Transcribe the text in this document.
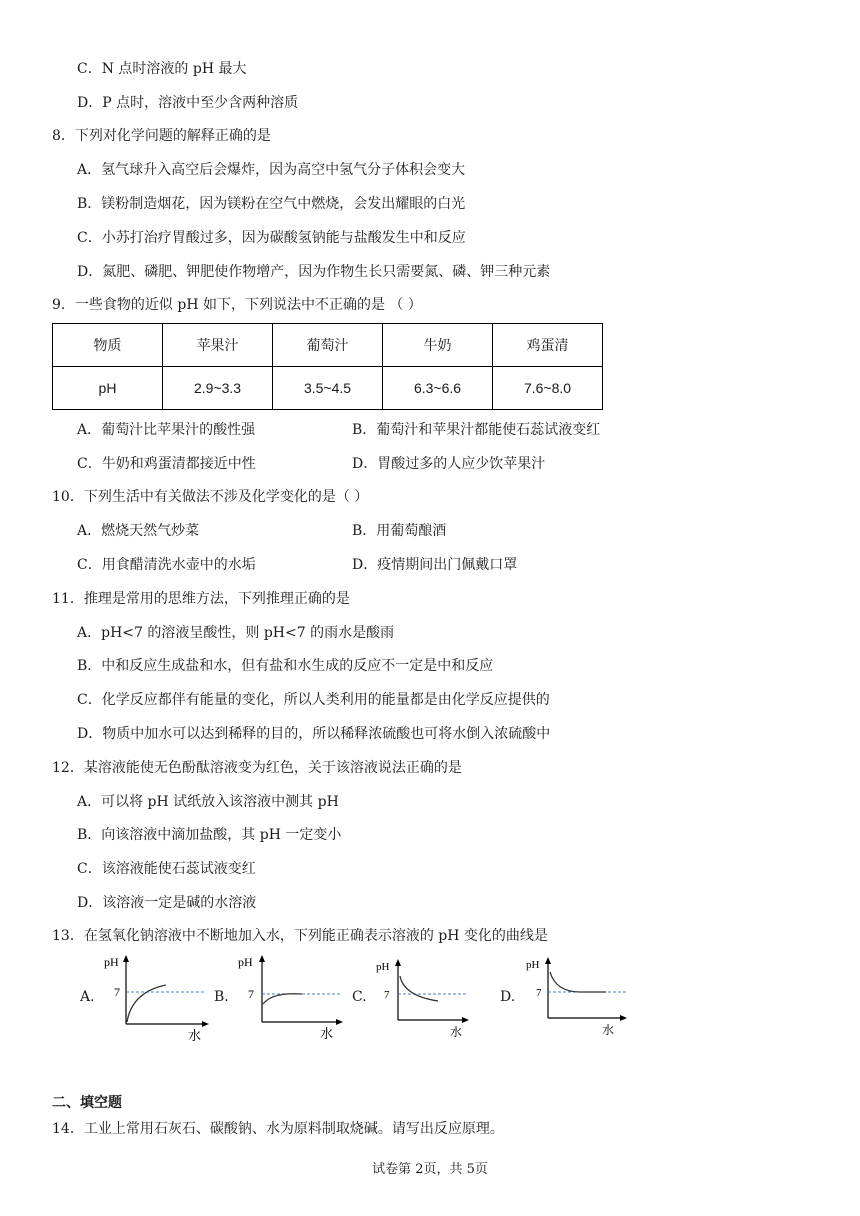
C．N 点时溶液的 pH 最大
D．P 点时，溶液中至少含两种溶质
8．下列对化学问题的解释正确的是
A．氢气球升入高空后会爆炸，因为高空中氢气分子体积会变大
B．镁粉制造烟花，因为镁粉在空气中燃烧，会发出耀眼的白光
C．小苏打治疗胃酸过多，因为碳酸氢钠能与盐酸发生中和反应
D．氮肥、磷肥、钾肥使作物增产，因为作物生长只需要氮、磷、钾三种元素
9．一些食物的近似 pH 如下，下列说法中不正确的是 （ ）
物质	苹果汁	葡萄汁	牛奶	鸡蛋清
pH	2.9~3.3	3.5~4.5	6.3~6.6	7.6~8.0
A．葡萄汁比苹果汁的酸性强	B．葡萄汁和苹果汁都能使石蕊试液变红
C．牛奶和鸡蛋清都接近中性	D．胃酸过多的人应少饮苹果汁
10．下列生活中有关做法不涉及化学变化的是（ ）
A．燃烧天然气炒菜	B．用葡萄酿酒
C．用食醋清洗水壶中的水垢	D．疫情期间出门佩戴口罩
11．推理是常用的思维方法，下列推理正确的是
A．pH<7 的溶液呈酸性，则 pH<7 的雨水是酸雨
B．中和反应生成盐和水，但有盐和水生成的反应不一定是中和反应
C．化学反应都伴有能量的变化，所以人类利用的能量都是由化学反应提供的
D．物质中加水可以达到稀释的目的，所以稀释浓硫酸也可将水倒入浓硫酸中
12．某溶液能使无色酚酞溶液变为红色，关于该溶液说法正确的是
A．可以将 pH 试纸放入该溶液中测其 pH
B．向该溶液中滴加盐酸，其 pH 一定变小
C．该溶液能使石蕊试液变红
D．该溶液一定是碱的水溶液
13．在氢氧化钠溶液中不断地加入水，下列能正确表示溶液的 pH 变化的曲线是
A.
pH
7
水
B.
pH
7
水
C.
pH
7
水
D.
pH
7
水
二、填空题
14．工业上常用石灰石、碳酸钠、水为原料制取烧碱。请写出反应原理。
试卷第 2页，共 5页
